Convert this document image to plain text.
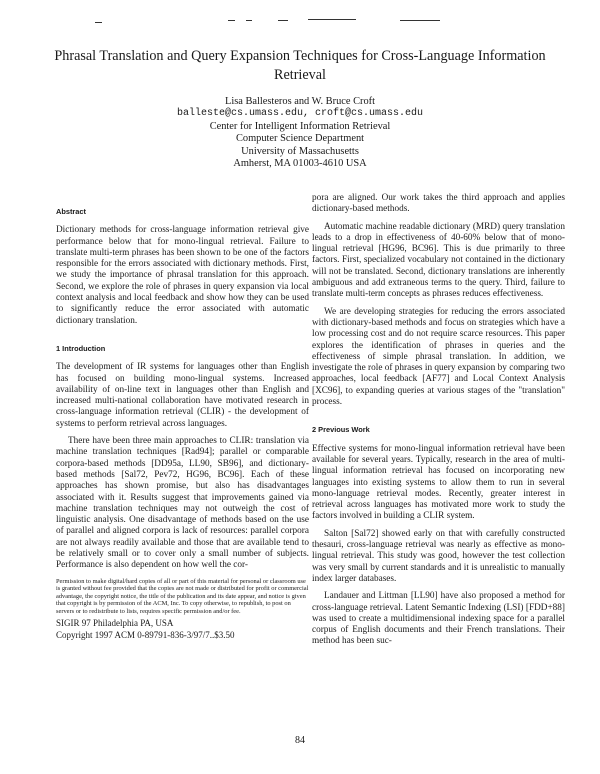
Phrasal Translation and Query Expansion Techniques for Cross-Language Information Retrieval
Lisa Ballesteros and W. Bruce Croft
balleste@cs.umass.edu, croft@cs.umass.edu
Center for Intelligent Information Retrieval
Computer Science Department
University of Massachusetts
Amherst, MA 01003-4610 USA
Abstract

Dictionary methods for cross-language information retrieval give performance below that for mono-lingual retrieval. Failure to translate multi-term phrases has been shown to be one of the factors responsible for the errors associated with dictionary methods. First, we study the importance of phrasal translation for this approach. Second, we explore the role of phrases in query expansion via local context analysis and local feedback and show how they can be used to significantly reduce the error associated with automatic dictionary translation.

1 Introduction

The development of IR systems for languages other than English has focused on building mono-lingual systems. Increased availability of on-line text in languages other than English and increased multi-national collaboration have motivated research in cross-language information retrieval (CLIR) - the development of systems to perform retrieval across languages.

There have been three main approaches to CLIR: translation via machine translation techniques [Rad94]; parallel or comparable corpora-based methods [DD95a, LL90, SB96], and dictionary-based methods [Sal72, Pev72, HG96, BC96]. Each of these approaches has shown promise, but also has disadvantages associated with it. Results suggest that improvements gained via machine translation techniques may not outweigh the cost of linguistic analysis. One disadvantage of methods based on the use of parallel and aligned corpora is lack of resources: parallel corpora are not always readily available and those that are available tend to be relatively small or to cover only a small number of subjects. Performance is also dependent on how well the cor-

Permission to make digital/hard copies of all or part of this material for personal or classroom use is granted without fee provided that the copies are not made or distributed for profit or commercial advantage, the copyright notice, the title of the publication and its date appear, and notice is given that copyright is by permission of the ACM, Inc. To copy otherwise, to republish, to post on servers or to redistribute to lists, requires specific permission and/or fee.
SIGIR 97 Philadelphia PA, USA
Copyright 1997 ACM 0-89791-836-3/97/7..$3.50

pora are aligned. Our work takes the third approach and applies dictionary-based methods.

Automatic machine readable dictionary (MRD) query translation leads to a drop in effectiveness of 40-60% below that of mono-lingual retrieval [HG96, BC96]. This is due primarily to three factors. First, specialized vocabulary not contained in the dictionary will not be translated. Second, dictionary translations are inherently ambiguous and add extraneous terms to the query. Third, failure to translate multi-term concepts as phrases reduces effectiveness.

We are developing strategies for reducing the errors associated with dictionary-based methods and focus on strategies which have a low processing cost and do not require scarce resources. This paper explores the identification of phrases in queries and the effectiveness of simple phrasal translation. In addition, we investigate the role of phrases in query expansion by comparing two approaches, local feedback [AF77] and Local Context Analysis [XC96], to expanding queries at various stages of the "translation" process.

2 Previous Work

Effective systems for mono-lingual information retrieval have been available for several years. Typically, research in the area of multi-lingual information retrieval has focused on incorporating new languages into existing systems to allow them to run in several mono-language retrieval modes. Recently, greater interest in retrieval across languages has motivated more work to study the factors involved in building a CLIR system.

Salton [Sal72] showed early on that with carefully constructed thesauri, cross-language retrieval was nearly as effective as mono-lingual retrieval. This study was good, however the test collection was very small by current standards and it is unrealistic to manually index larger databases.

Landauer and Littman [LL90] have also proposed a method for cross-language retrieval. Latent Semantic Indexing (LSI) [FDD+88] was used to create a multidimensional indexing space for a parallel corpus of English documents and their French translations. Their method has been suc-

84
